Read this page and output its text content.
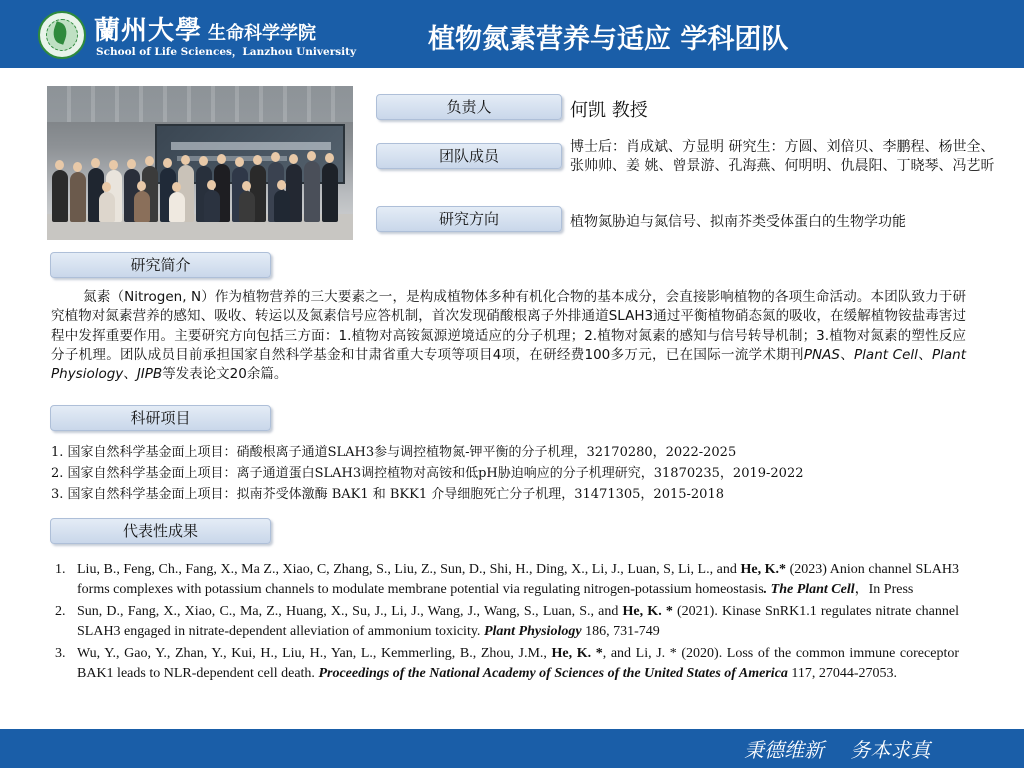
蘭州大學 生命科学学院
School of Life Sciences，Lanzhou University	植物氮素营养与适应 学科团队
负责人	何凯 教授
团队成员	博士后：肖成斌、方显明 研究生：方圆、刘倍贝、李鹏程、杨世全、张帅帅、姜 姚、曾景游、孔海燕、何明明、仇晨阳、丁晓琴、冯艺昕
研究方向	植物氮胁迫与氮信号、拟南芥类受体蛋白的生物学功能
研究简介
氮素（Nitrogen, N）作为植物营养的三大要素之一，是构成植物体多种有机化合物的基本成分，会直接影响植物的各项生命活动。本团队致力于研究植物对氮素营养的感知、吸收、转运以及氮素信号应答机制，首次发现硝酸根离子外排通道SLAH3通过平衡植物硝态氮的吸收，在缓解植物铵盐毒害过程中发挥重要作用。主要研究方向包括三方面：1.植物对高铵氮源逆境适应的分子机理；2.植物对氮素的感知与信号转导机制；3.植物对氮素的塑性反应分子机理。团队成员目前承担国家自然科学基金和甘肃省重大专项等项目4项，在研经费100多万元，已在国际一流学术期刊PNAS、Plant Cell、Plant Physiology、JIPB等发表论文20余篇。
科研项目
1. 国家自然科学基金面上项目：硝酸根离子通道SLAH3参与调控植物氮-钾平衡的分子机理，32170280，2022-2025
2. 国家自然科学基金面上项目：离子通道蛋白SLAH3调控植物对高铵和低pH胁迫响应的分子机理研究，31870235，2019-2022
3. 国家自然科学基金面上项目：拟南芥受体激酶 BAK1 和 BKK1 介导细胞死亡分子机理，31471305，2015-2018
代表性成果
1. Liu, B., Feng, Ch., Fang, X., Ma Z., Xiao, C, Zhang, S., Liu, Z., Sun, D., Shi, H., Ding, X., Li, J., Luan, S, Li, L., and He, K.* (2023) Anion channel SLAH3 forms complexes with potassium channels to modulate membrane potential via regulating nitrogen-potassium homeostasis. The Plant Cell，In Press
2. Sun, D., Fang, X., Xiao, C., Ma, Z., Huang, X., Su, J., Li, J., Wang, J., Wang, S., Luan, S., and He, K. * (2021). Kinase SnRK1.1 regulates nitrate channel SLAH3 engaged in nitrate-dependent alleviation of ammonium toxicity. Plant Physiology 186, 731-749
3. Wu, Y., Gao, Y., Zhan, Y., Kui, H., Liu, H., Yan, L., Kemmerling, B., Zhou, J.M., He, K. *, and Li, J. * (2020). Loss of the common immune coreceptor BAK1 leads to NLR-dependent cell death. Proceedings of the National Academy of Sciences of the United States of America 117, 27044-27053.
秉德维新 务本求真
